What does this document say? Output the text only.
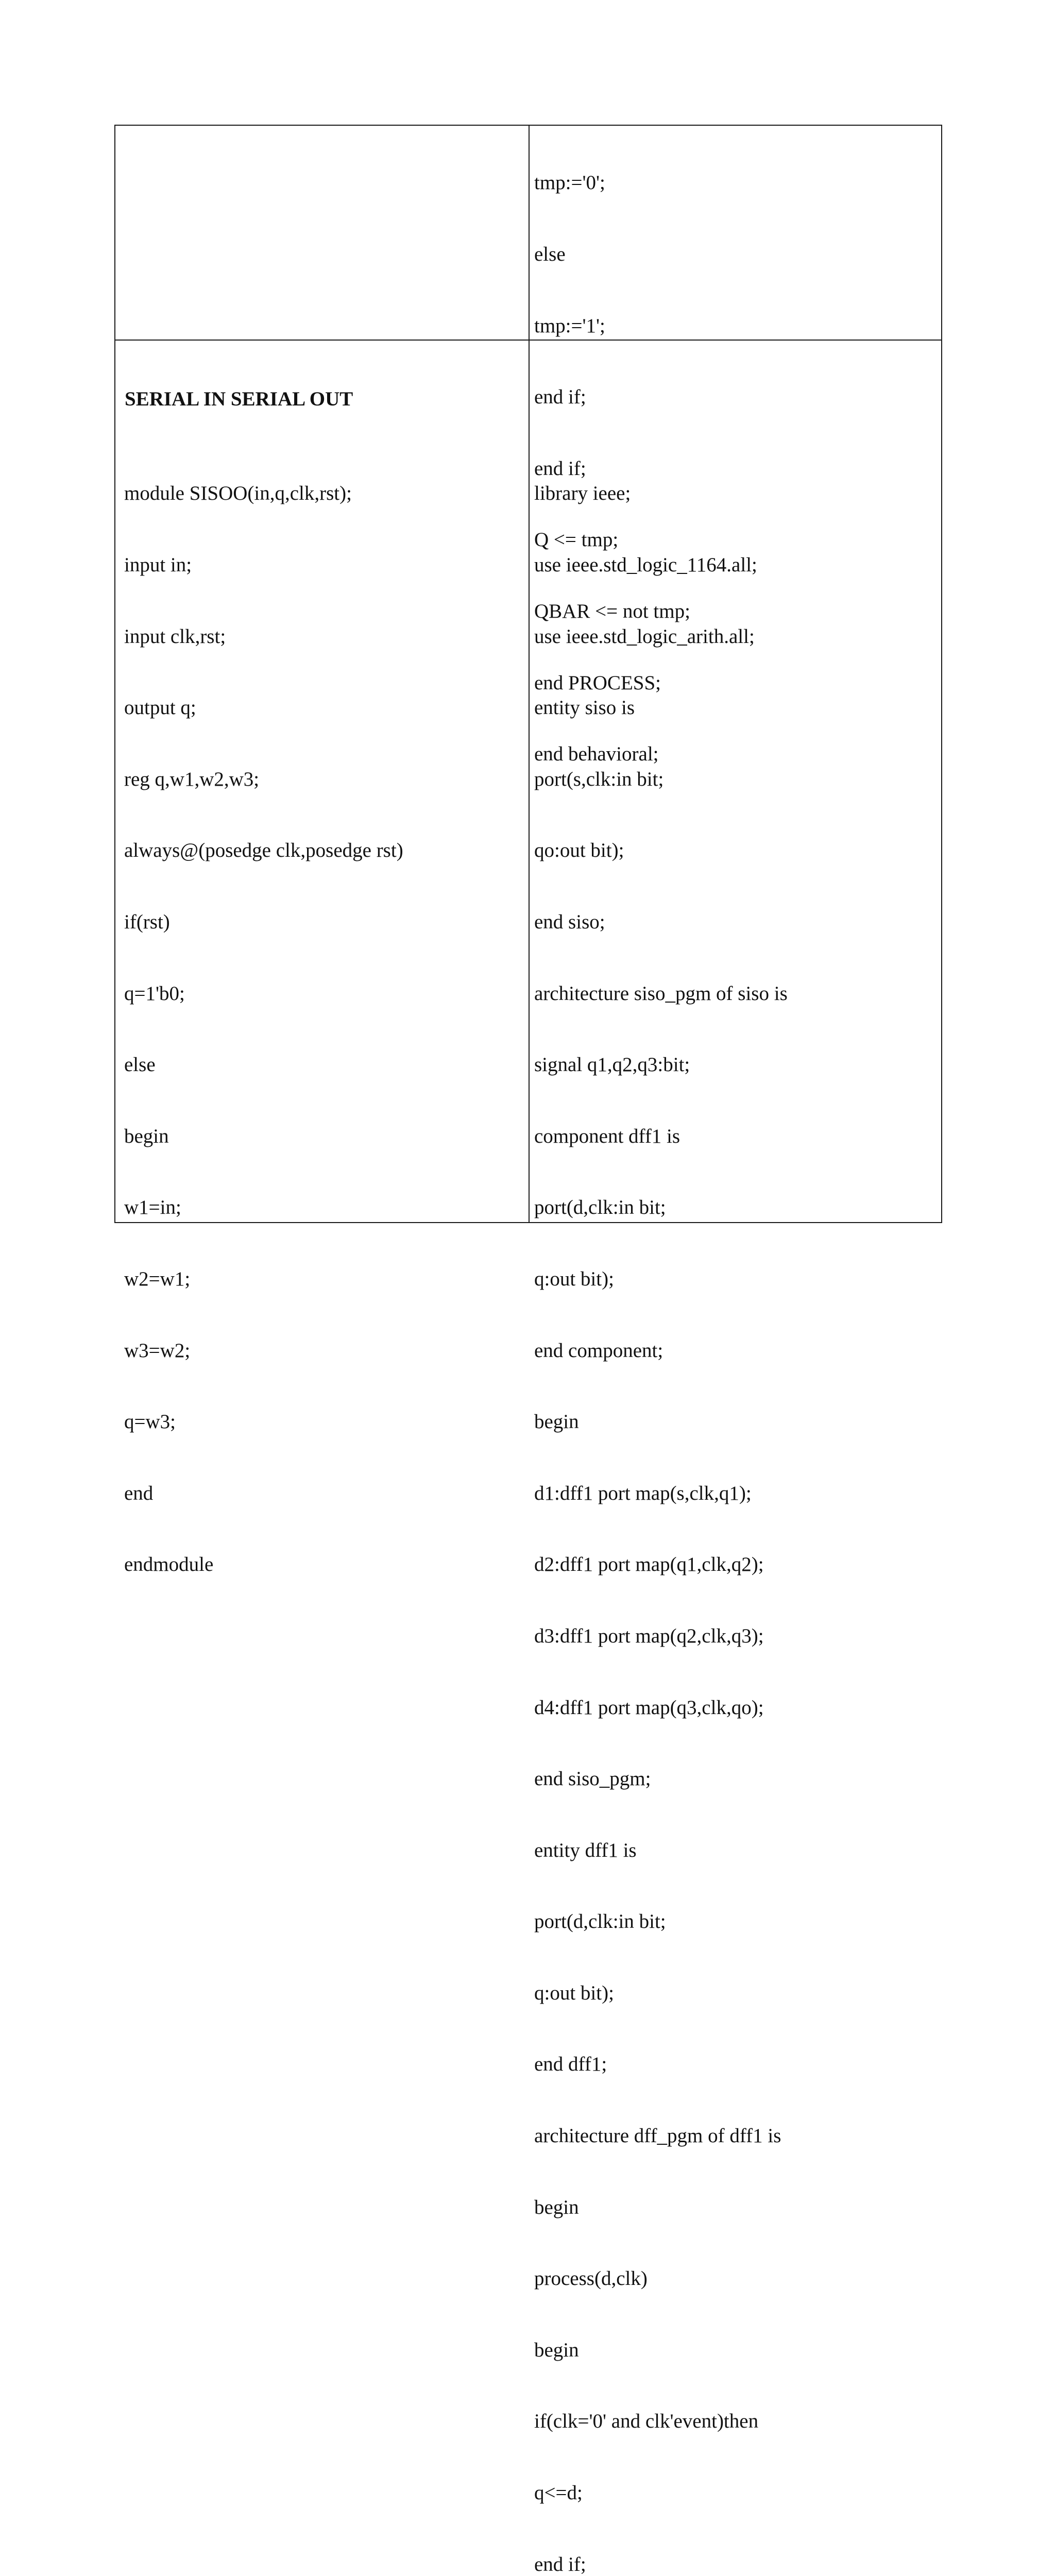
tmp:='0';

else

tmp:='1';

end if;

end if;

Q <= tmp;

QBAR <= not tmp;

end PROCESS;

end behavioral;

SERIAL IN SERIAL OUT

module SISOO(in,q,clk,rst);

input in;

input clk,rst;

output q;

reg q,w1,w2,w3;

always@(posedge clk,posedge rst)

if(rst)

q=1'b0;

else

begin

w1=in;

w2=w1;

w3=w2;

q=w3;

end

endmodule

library ieee;

use ieee.std_logic_1164.all;

use ieee.std_logic_arith.all;

entity siso is

port(s,clk:in bit;

qo:out bit);

end siso;

architecture siso_pgm of siso is

signal q1,q2,q3:bit;

component dff1 is

port(d,clk:in bit;

q:out bit);

end component;

begin

d1:dff1 port map(s,clk,q1);

d2:dff1 port map(q1,clk,q2);

d3:dff1 port map(q2,clk,q3);

d4:dff1 port map(q3,clk,qo);

end siso_pgm;

entity dff1 is

port(d,clk:in bit;

q:out bit);

end dff1;

architecture dff_pgm of dff1 is

begin

process(d,clk)

begin

if(clk='0' and clk'event)then

q<=d;

end if;
